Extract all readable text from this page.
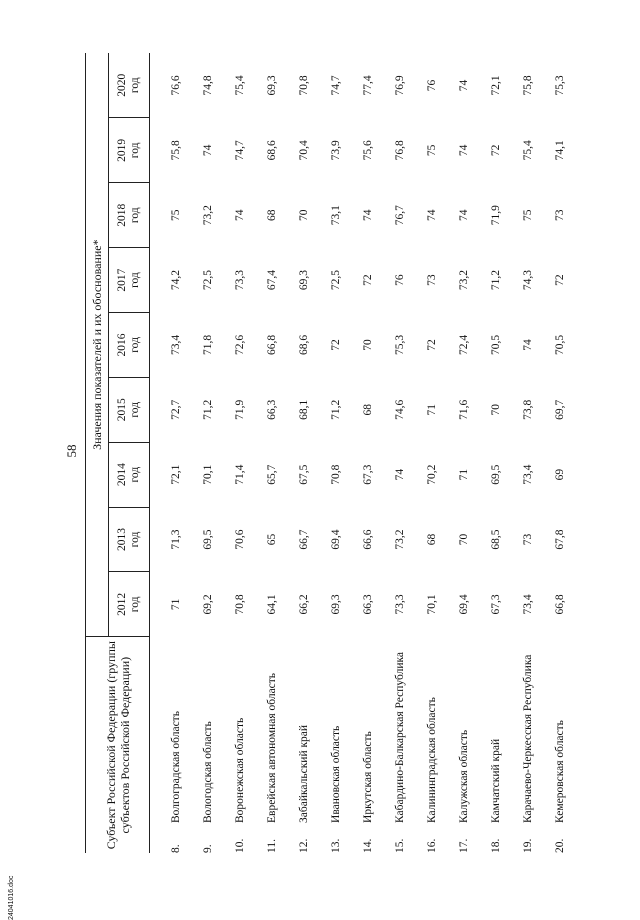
24041016.doc
58
Субъект Российской Федерации (группы субъектов Российской Федерации)		Значения показателей и их обоснование*								

		2012 год	2013 год	2014 год	2015 год	2016 год	2017 год	2018 год	2019 год	2020 год

8.	Волгоградская область	71	71,3	72,1	72,7	73,4	74,2	75	75,8	76,6
9.	Вологодская область	69,2	69,5	70,1	71,2	71,8	72,5	73,2	74	74,8
10.	Воронежская область	70,8	70,6	71,4	71,9	72,6	73,3	74	74,7	75,4
11.	Еврейская автономная область	64,1	65	65,7	66,3	66,8	67,4	68	68,6	69,3
12.	Забайкальский край	66,2	66,7	67,5	68,1	68,6	69,3	70	70,4	70,8
13.	Ивановская область	69,3	69,4	70,8	71,2	72	72,5	73,1	73,9	74,7
14.	Иркутская область	66,3	66,6	67,3	68	70	72	74	75,6	77,4
15.	Кабардино-Балкарская Республика	73,3	73,2	74	74,6	75,3	76	76,7	76,8	76,9
16.	Калининградская область	70,1	68	70,2	71	72	73	74	75	76
17.	Калужская область	69,4	70	71	71,6	72,4	73,2	74	74	74
18.	Камчатский край	67,3	68,5	69,5	70	70,5	71,2	71,9	72	72,1
19.	Карачаево-Черкесская Республика	73,4	73	73,4	73,8	74	74,3	75	75,4	75,8
20.	Кемеровская область	66,8	67,8	69	69,7	70,5	72	73	74,1	75,3
